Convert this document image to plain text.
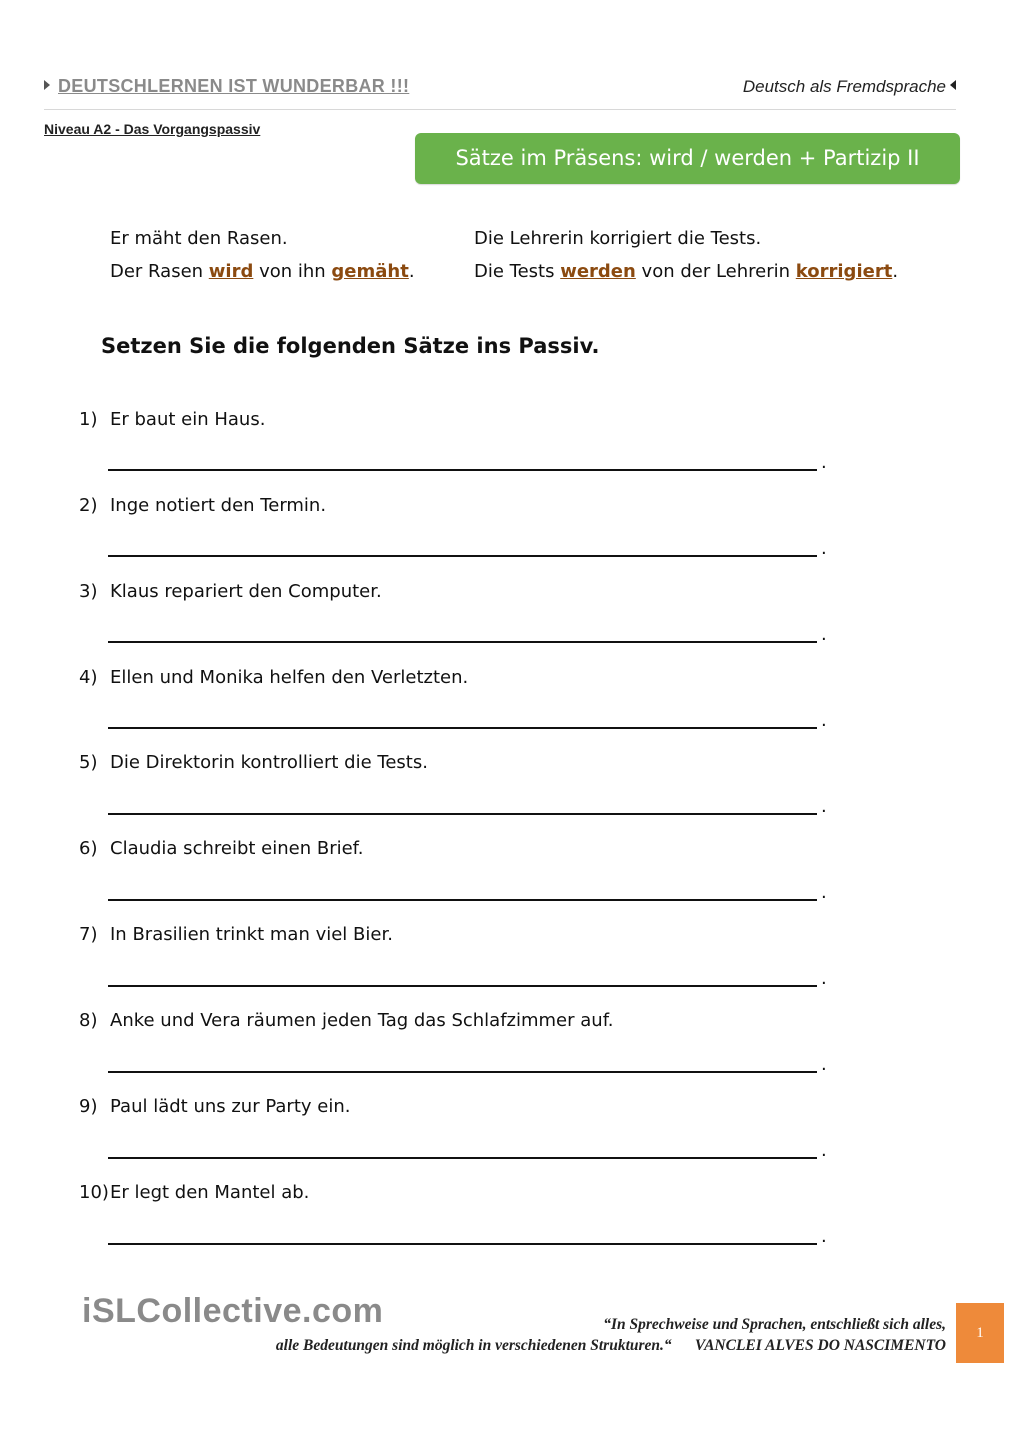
DEUTSCHLERNEN IST WUNDERBAR !!!	Deutsch als Fremdsprache
Niveau A2 - Das Vorgangspassiv
Sätze im Präsens: wird / werden + Partizip II
Er mäht den Rasen.
Der Rasen wird von ihn gemäht.
Die Lehrerin korrigiert die Tests.
Die Tests werden von der Lehrerin korrigiert.
Setzen Sie die folgenden Sätze ins Passiv.
1) Er baut ein Haus.
.
2) Inge notiert den Termin.
.
3) Klaus repariert den Computer.
.
4) Ellen und Monika helfen den Verletzten.
.
5) Die Direktorin kontrolliert die Tests.
.
6) Claudia schreibt einen Brief.
.
7) In Brasilien trinkt man viel Bier.
.
8) Anke und Vera räumen jeden Tag das Schlafzimmer auf.
.
9) Paul lädt uns zur Party ein.
.
10) Er legt den Mantel ab.
.
iSLCollective.com	“In Sprechweise und Sprachen, entschließt sich alles,
alle Bedeutungen sind möglich in verschiedenen Strukturen.“ VANCLEI ALVES DO NASCIMENTO
1
